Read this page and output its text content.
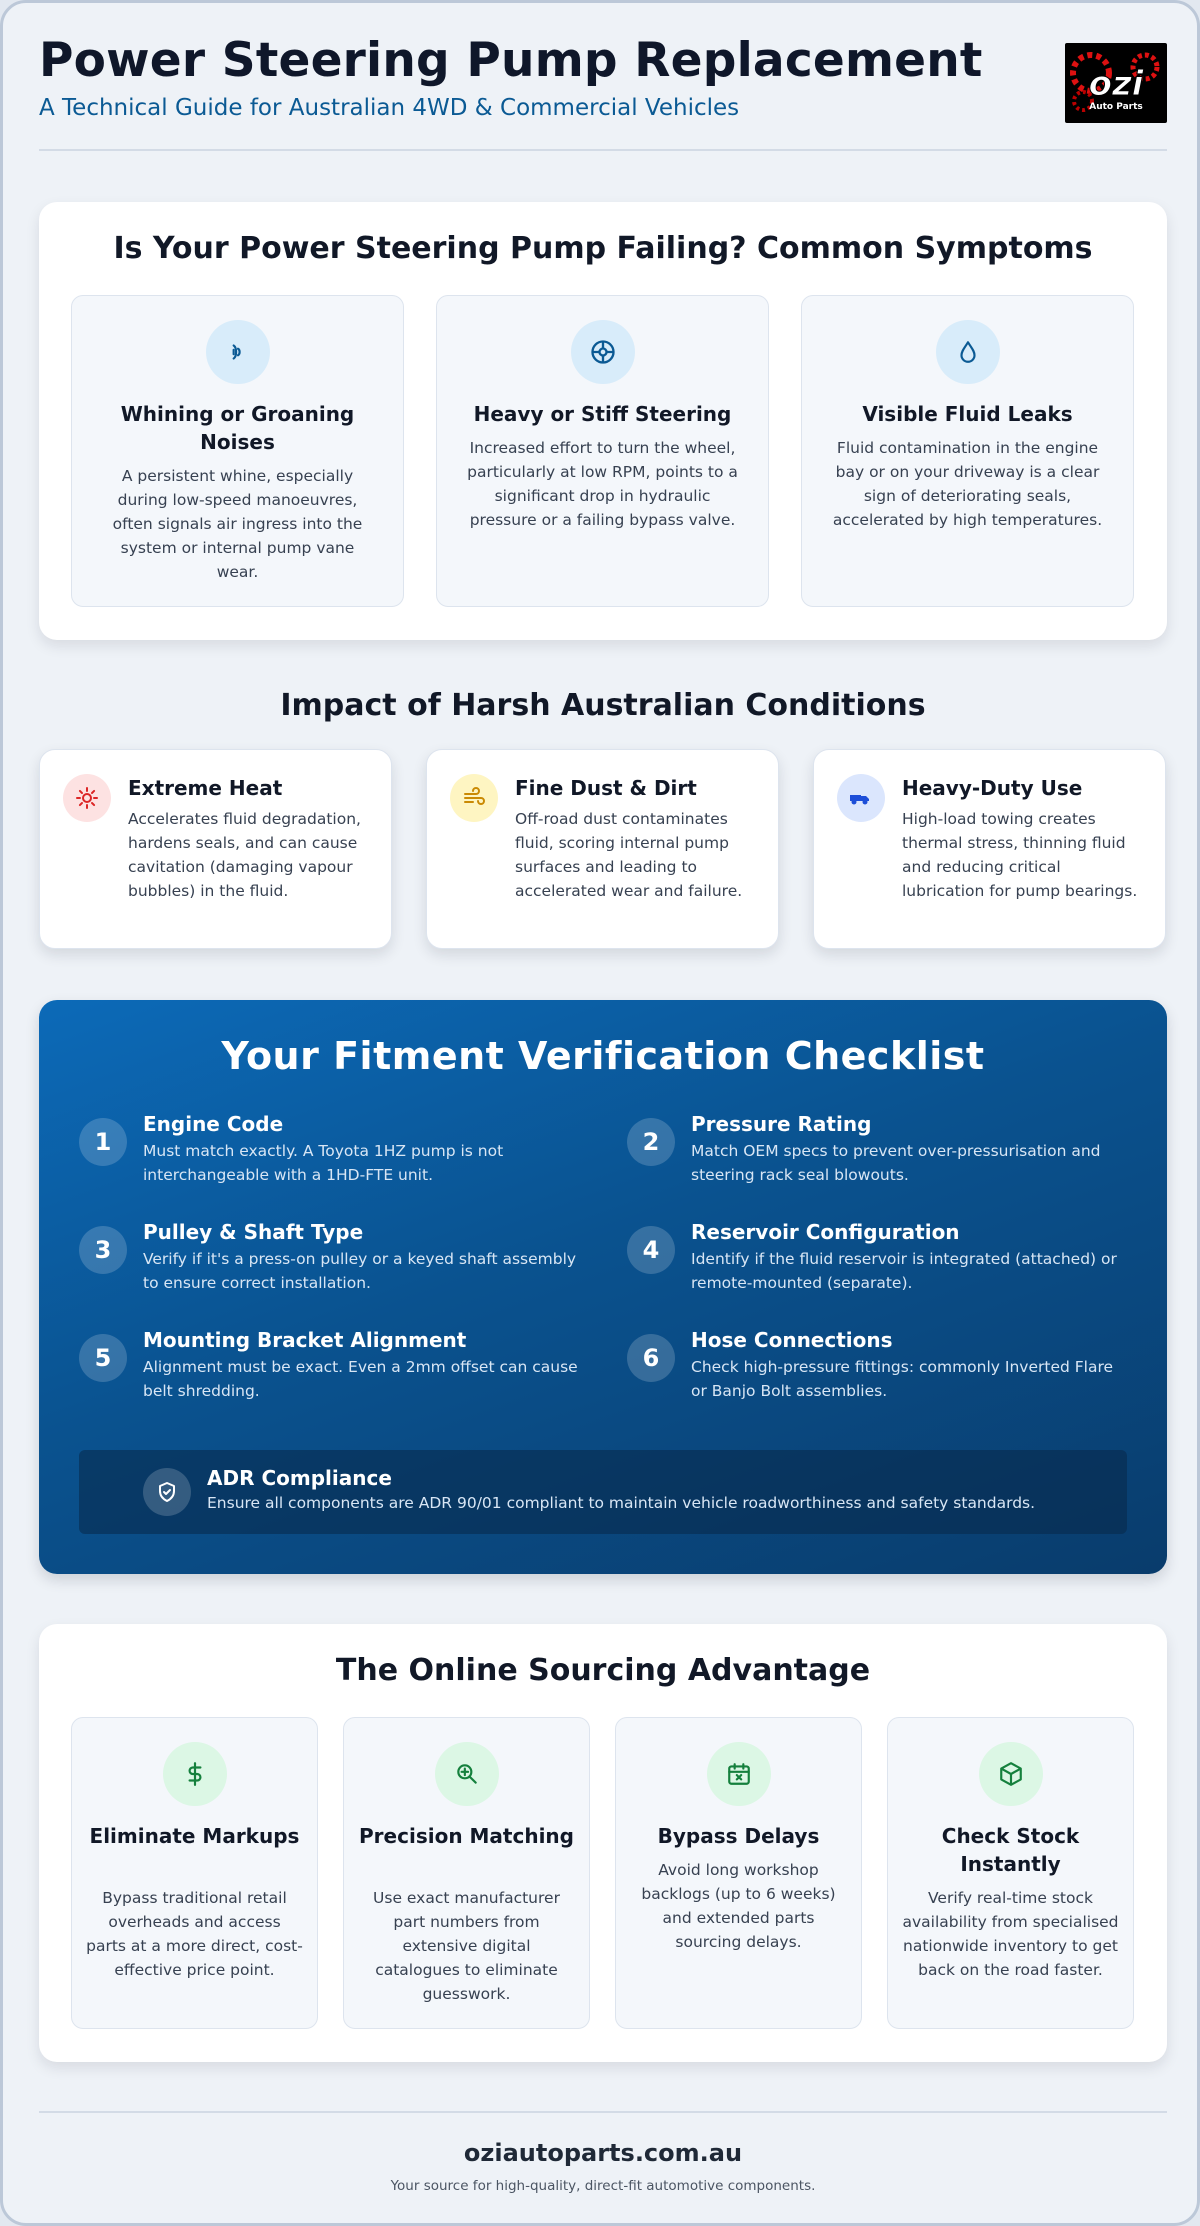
Power Steering Pump Replacement
A Technical Guide for Australian 4WD & Commercial Vehicles
ozi
Auto Parts
Is Your Power Steering Pump Failing? Common Symptoms
Whining or Groaning Noises
A persistent whine, especially during low-speed manoeuvres, often signals air ingress into the system or internal pump vane wear.
Heavy or Stiff Steering
Increased effort to turn the wheel, particularly at low RPM, points to a significant drop in hydraulic pressure or a failing bypass valve.
Visible Fluid Leaks
Fluid contamination in the engine bay or on your driveway is a clear sign of deteriorating seals, accelerated by high temperatures.
Impact of Harsh Australian Conditions
Extreme Heat
Accelerates fluid degradation, hardens seals, and can cause cavitation (damaging vapour bubbles) in the fluid.
Fine Dust & Dirt
Off-road dust contaminates fluid, scoring internal pump surfaces and leading to accelerated wear and failure.
Heavy-Duty Use
High-load towing creates thermal stress, thinning fluid and reducing critical lubrication for pump bearings.
Your Fitment Verification Checklist
1
Engine Code
Must match exactly. A Toyota 1HZ pump is not interchangeable with a 1HD-FTE unit.
2
Pressure Rating
Match OEM specs to prevent over-pressurisation and steering rack seal blowouts.
3
Pulley & Shaft Type
Verify if it's a press-on pulley or a keyed shaft assembly to ensure correct installation.
4
Reservoir Configuration
Identify if the fluid reservoir is integrated (attached) or remote-mounted (separate).
5
Mounting Bracket Alignment
Alignment must be exact. Even a 2mm offset can cause belt shredding.
6
Hose Connections
Check high-pressure fittings: commonly Inverted Flare or Banjo Bolt assemblies.
ADR Compliance
Ensure all components are ADR 90/01 compliant to maintain vehicle roadworthiness and safety standards.
The Online Sourcing Advantage
Eliminate Markups
Bypass traditional retail overheads and access parts at a more direct, cost-effective price point.
Precision Matching
Use exact manufacturer part numbers from extensive digital catalogues to eliminate guesswork.
Bypass Delays
Avoid long workshop backlogs (up to 6 weeks) and extended parts sourcing delays.
Check Stock Instantly
Verify real-time stock availability from specialised nationwide inventory to get back on the road faster.
oziautoparts.com.au
Your source for high-quality, direct-fit automotive components.
